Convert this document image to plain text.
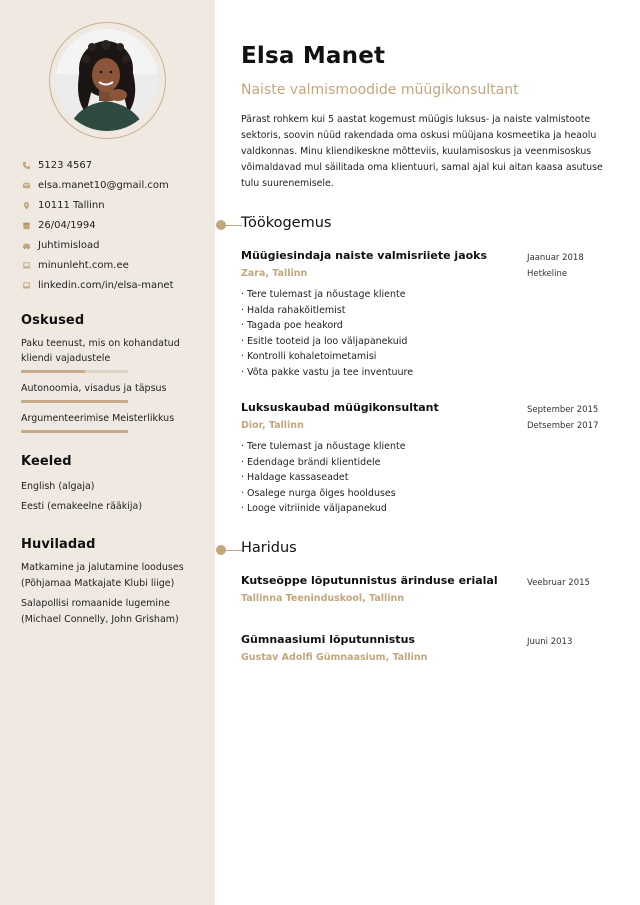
5123 4567
elsa.manet10@gmail.com
10111 Tallinn
26/04/1994
Juhtimisload
minunleht.com.ee
linkedin.com/in/elsa-manet
Oskused
Paku teenust, mis on kohandatud kliendi vajadustele
Autonoomia, visadus ja täpsus
Argumenteerimise Meisterlikkus
Keeled
English (algaja)
Eesti (emakeelne rääkija)
Huviladad
Matkamine ja jalutamine looduses (Põhjamaa Matkajate Klubi liige)
Salapollisi romaanide lugemine (Michael Connelly, John Grisham)
Elsa Manet
Naiste valmismoodide müügikonsultant
Pärast rohkem kui 5 aastat kogemust müügis luksus- ja naiste valmistoote sektoris, soovin nüüd rakendada oma oskusi müüjana kosmeetika ja heaolu valdkonnas. Minu kliendikeskne mõtteviis, kuulamisoskus ja veenmisoskus võimaldavad mul säilitada oma klientuuri, samal ajal kui aitan kaasa asutuse tulu suurenemisele.
Töökogemus
Müügiesindaja naiste valmisriiete jaoks
Zara, Tallinn
Jaanuar 2018
Hetkeline
· Tere tulemast ja nõustage kliente
· Halda rahakõitlemist
· Tagada poe heakord
· Esitle tooteid ja loo väljapanekuid
· Kontrolli kohaletoimetamisi
· Võta pakke vastu ja tee inventuure
Luksuskaubad müügikonsultant
Dior, Tallinn
September 2015
Detsember 2017
· Tere tulemast ja nõustage kliente
· Edendage brändi klientidele
· Haldage kassaseadet
· Osalege nurga õiges hoolduses
· Looge vitriinide väljapanekud
Haridus
Kutseõppe lõputunnistus ärinduse erialal
Tallinna Teeninduskool, Tallinn
Veebruar 2015
Gümnaasiumi lõputunnistus
Gustav Adolfi Gümnaasium, Tallinn
Juuni 2013
